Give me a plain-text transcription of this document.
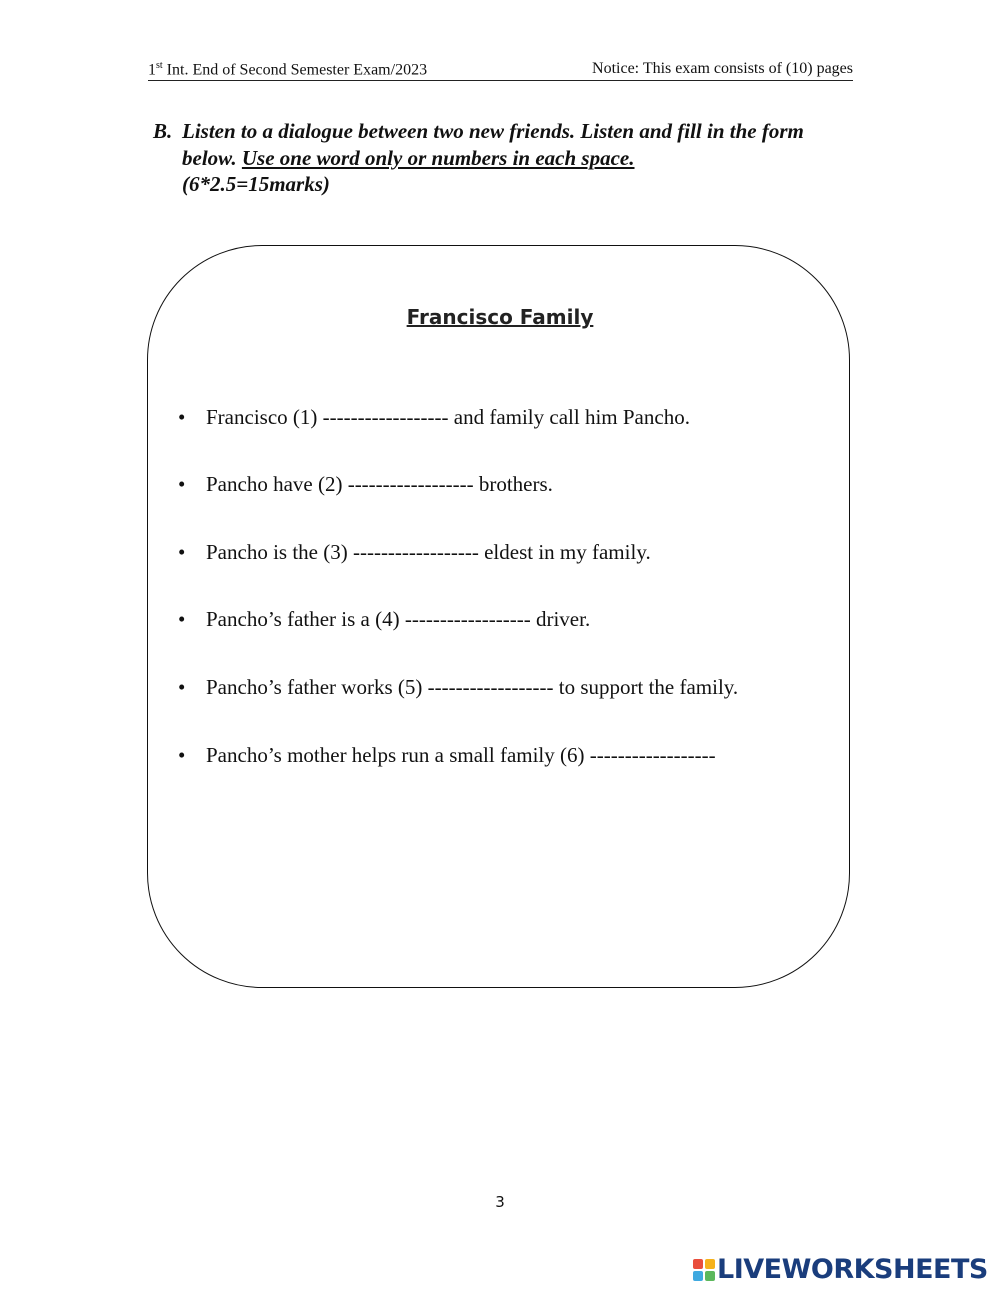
1st Int. End of Second Semester Exam/2023	Notice: This exam consists of (10) pages
B. Listen to a dialogue between two new friends. Listen and fill in the form below. Use one word only or numbers in each space.
(6*2.5=15marks)
Francisco Family
• Francisco (1) ------------------ and family call him Pancho.
• Pancho have (2) ------------------ brothers.
• Pancho is the (3) ------------------ eldest in my family.
• Pancho’s father is a (4) ------------------ driver.
• Pancho’s father works (5) ------------------ to support the family.
• Pancho’s mother helps run a small family (6) ------------------
3
LIVEWORKSHEETS
